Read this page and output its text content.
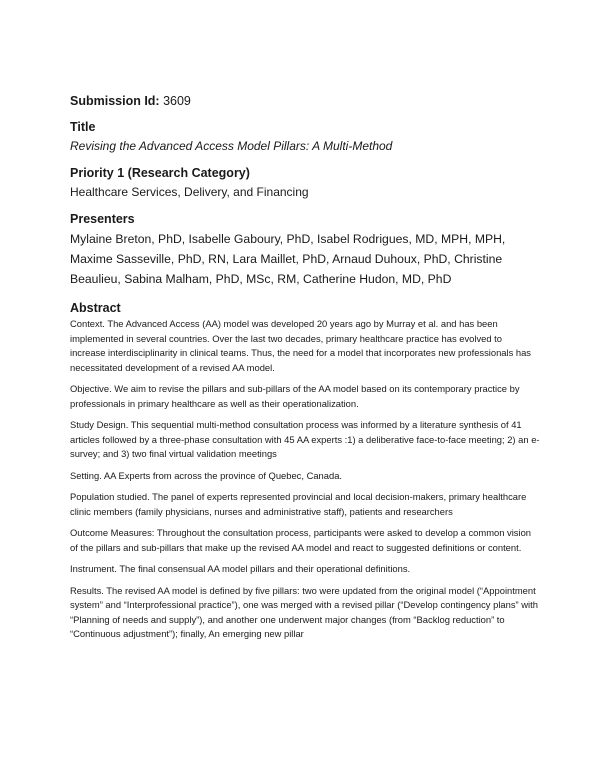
Submission Id: 3609
Title
Revising the Advanced Access Model Pillars: A Multi-Method
Priority 1 (Research Category)
Healthcare Services, Delivery, and Financing
Presenters
Mylaine Breton, PhD, Isabelle Gaboury, PhD, Isabel Rodrigues, MD, MPH, MPH, Maxime Sasseville, PhD, RN, Lara Maillet, PhD, Arnaud Duhoux, PhD, Christine Beaulieu, Sabina Malham, PhD, MSc, RM, Catherine Hudon, MD, PhD
Abstract

Context. The Advanced Access (AA) model was developed 20 years ago by Murray et al. and has been implemented in several countries. Over the last two decades, primary healthcare practice has evolved to increase interdisciplinarity in clinical teams. Thus, the need for a model that incorporates new professionals has necessitated development of a revised AA model.

Objective. We aim to revise the pillars and sub-pillars of the AA model based on its contemporary practice by professionals in primary healthcare as well as their operationalization.

Study Design. This sequential multi-method consultation process was informed by a literature synthesis of 41 articles followed by a three-phase consultation with 45 AA experts :1) a deliberative face-to-face meeting; 2) an e-survey; and 3) two final virtual validation meetings

Setting. AA Experts from across the province of Quebec, Canada.

Population studied. The panel of experts represented provincial and local decision-makers, primary healthcare clinic members (family physicians, nurses and administrative staff), patients and researchers

Outcome Measures: Throughout the consultation process, participants were asked to develop a common vision of the pillars and sub-pillars that make up the revised AA model and react to suggested definitions or content.

Instrument. The final consensual AA model pillars and their operational definitions.

Results. The revised AA model is defined by five pillars: two were updated from the original model (“Appointment system” and “Interprofessional practice”), one was merged with a revised pillar (“Develop contingency plans” with “Planning of needs and supply”), and another one underwent major changes (from “Backlog reduction” to “Continuous adjustment”); finally, An emerging new pillar
